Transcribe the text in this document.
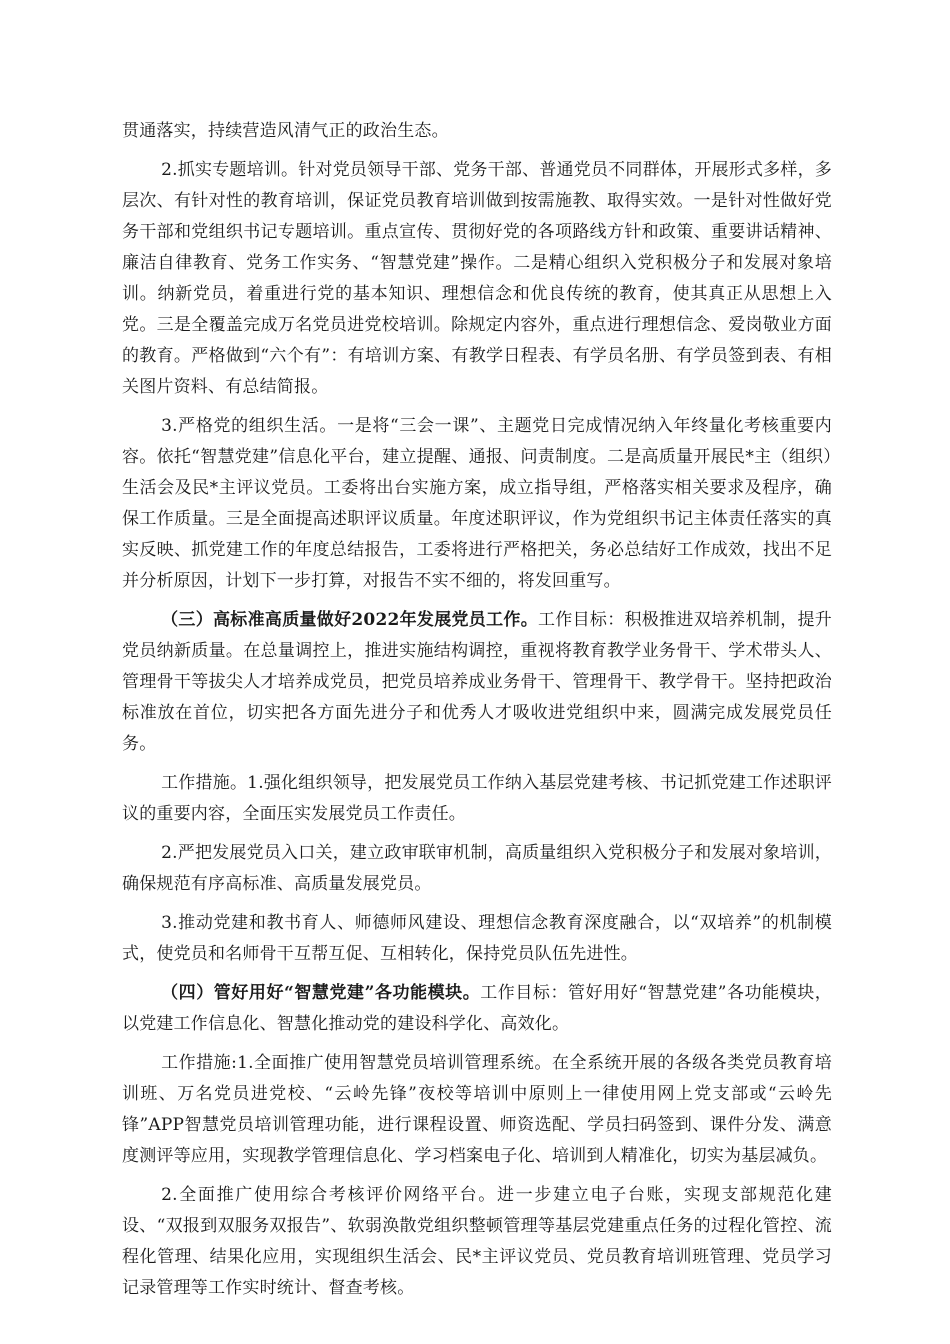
贯通落实，持续营造风清气正的政治生态。

2.抓实专题培训。针对党员领导干部、党务干部、普通党员不同群体，开展形式多样，多层次、有针对性的教育培训，保证党员教育培训做到按需施教、取得实效。一是针对性做好党务干部和党组织书记专题培训。重点宣传、贯彻好党的各项路线方针和政策、重要讲话精神、廉洁自律教育、党务工作实务、“智慧党建”操作。二是精心组织入党积极分子和发展对象培训。纳新党员，着重进行党的基本知识、理想信念和优良传统的教育，使其真正从思想上入党。三是全覆盖完成万名党员进党校培训。除规定内容外，重点进行理想信念、爱岗敬业方面的教育。严格做到“六个有”：有培训方案、有教学日程表、有学员名册、有学员签到表、有相关图片资料、有总结简报。

3.严格党的组织生活。一是将“三会一课”、主题党日完成情况纳入年终量化考核重要内容。依托“智慧党建”信息化平台，建立提醒、通报、问责制度。二是高质量开展民*主（组织）生活会及民*主评议党员。工委将出台实施方案，成立指导组，严格落实相关要求及程序，确保工作质量。三是全面提高述职评议质量。年度述职评议，作为党组织书记主体责任落实的真实反映、抓党建工作的年度总结报告，工委将进行严格把关，务必总结好工作成效，找出不足并分析原因，计划下一步打算，对报告不实不细的，将发回重写。

（三）高标准高质量做好2022年发展党员工作。工作目标：积极推进双培养机制，提升党员纳新质量。在总量调控上，推进实施结构调控，重视将教育教学业务骨干、学术带头人、管理骨干等拔尖人才培养成党员，把党员培养成业务骨干、管理骨干、教学骨干。坚持把政治标准放在首位，切实把各方面先进分子和优秀人才吸收进党组织中来，圆满完成发展党员任务。

工作措施。1.强化组织领导，把发展党员工作纳入基层党建考核、书记抓党建工作述职评议的重要内容，全面压实发展党员工作责任。

2.严把发展党员入口关，建立政审联审机制，高质量组织入党积极分子和发展对象培训，确保规范有序高标准、高质量发展党员。

3.推动党建和教书育人、师德师风建设、理想信念教育深度融合，以“双培养”的机制模式，使党员和名师骨干互帮互促、互相转化，保持党员队伍先进性。

（四）管好用好“智慧党建”各功能模块。工作目标：管好用好“智慧党建”各功能模块，以党建工作信息化、智慧化推动党的建设科学化、高效化。

工作措施:1.全面推广使用智慧党员培训管理系统。在全系统开展的各级各类党员教育培训班、万名党员进党校、“云岭先锋”夜校等培训中原则上一律使用网上党支部或“云岭先锋”APP智慧党员培训管理功能，进行课程设置、师资选配、学员扫码签到、课件分发、满意度测评等应用，实现教学管理信息化、学习档案电子化、培训到人精准化，切实为基层减负。

2.全面推广使用综合考核评价网络平台。进一步建立电子台账，实现支部规范化建设、“双报到双服务双报告”、软弱涣散党组织整顿管理等基层党建重点任务的过程化管控、流程化管理、结果化应用，实现组织生活会、民*主评议党员、党员教育培训班管理、党员学习记录管理等工作实时统计、督查考核。
